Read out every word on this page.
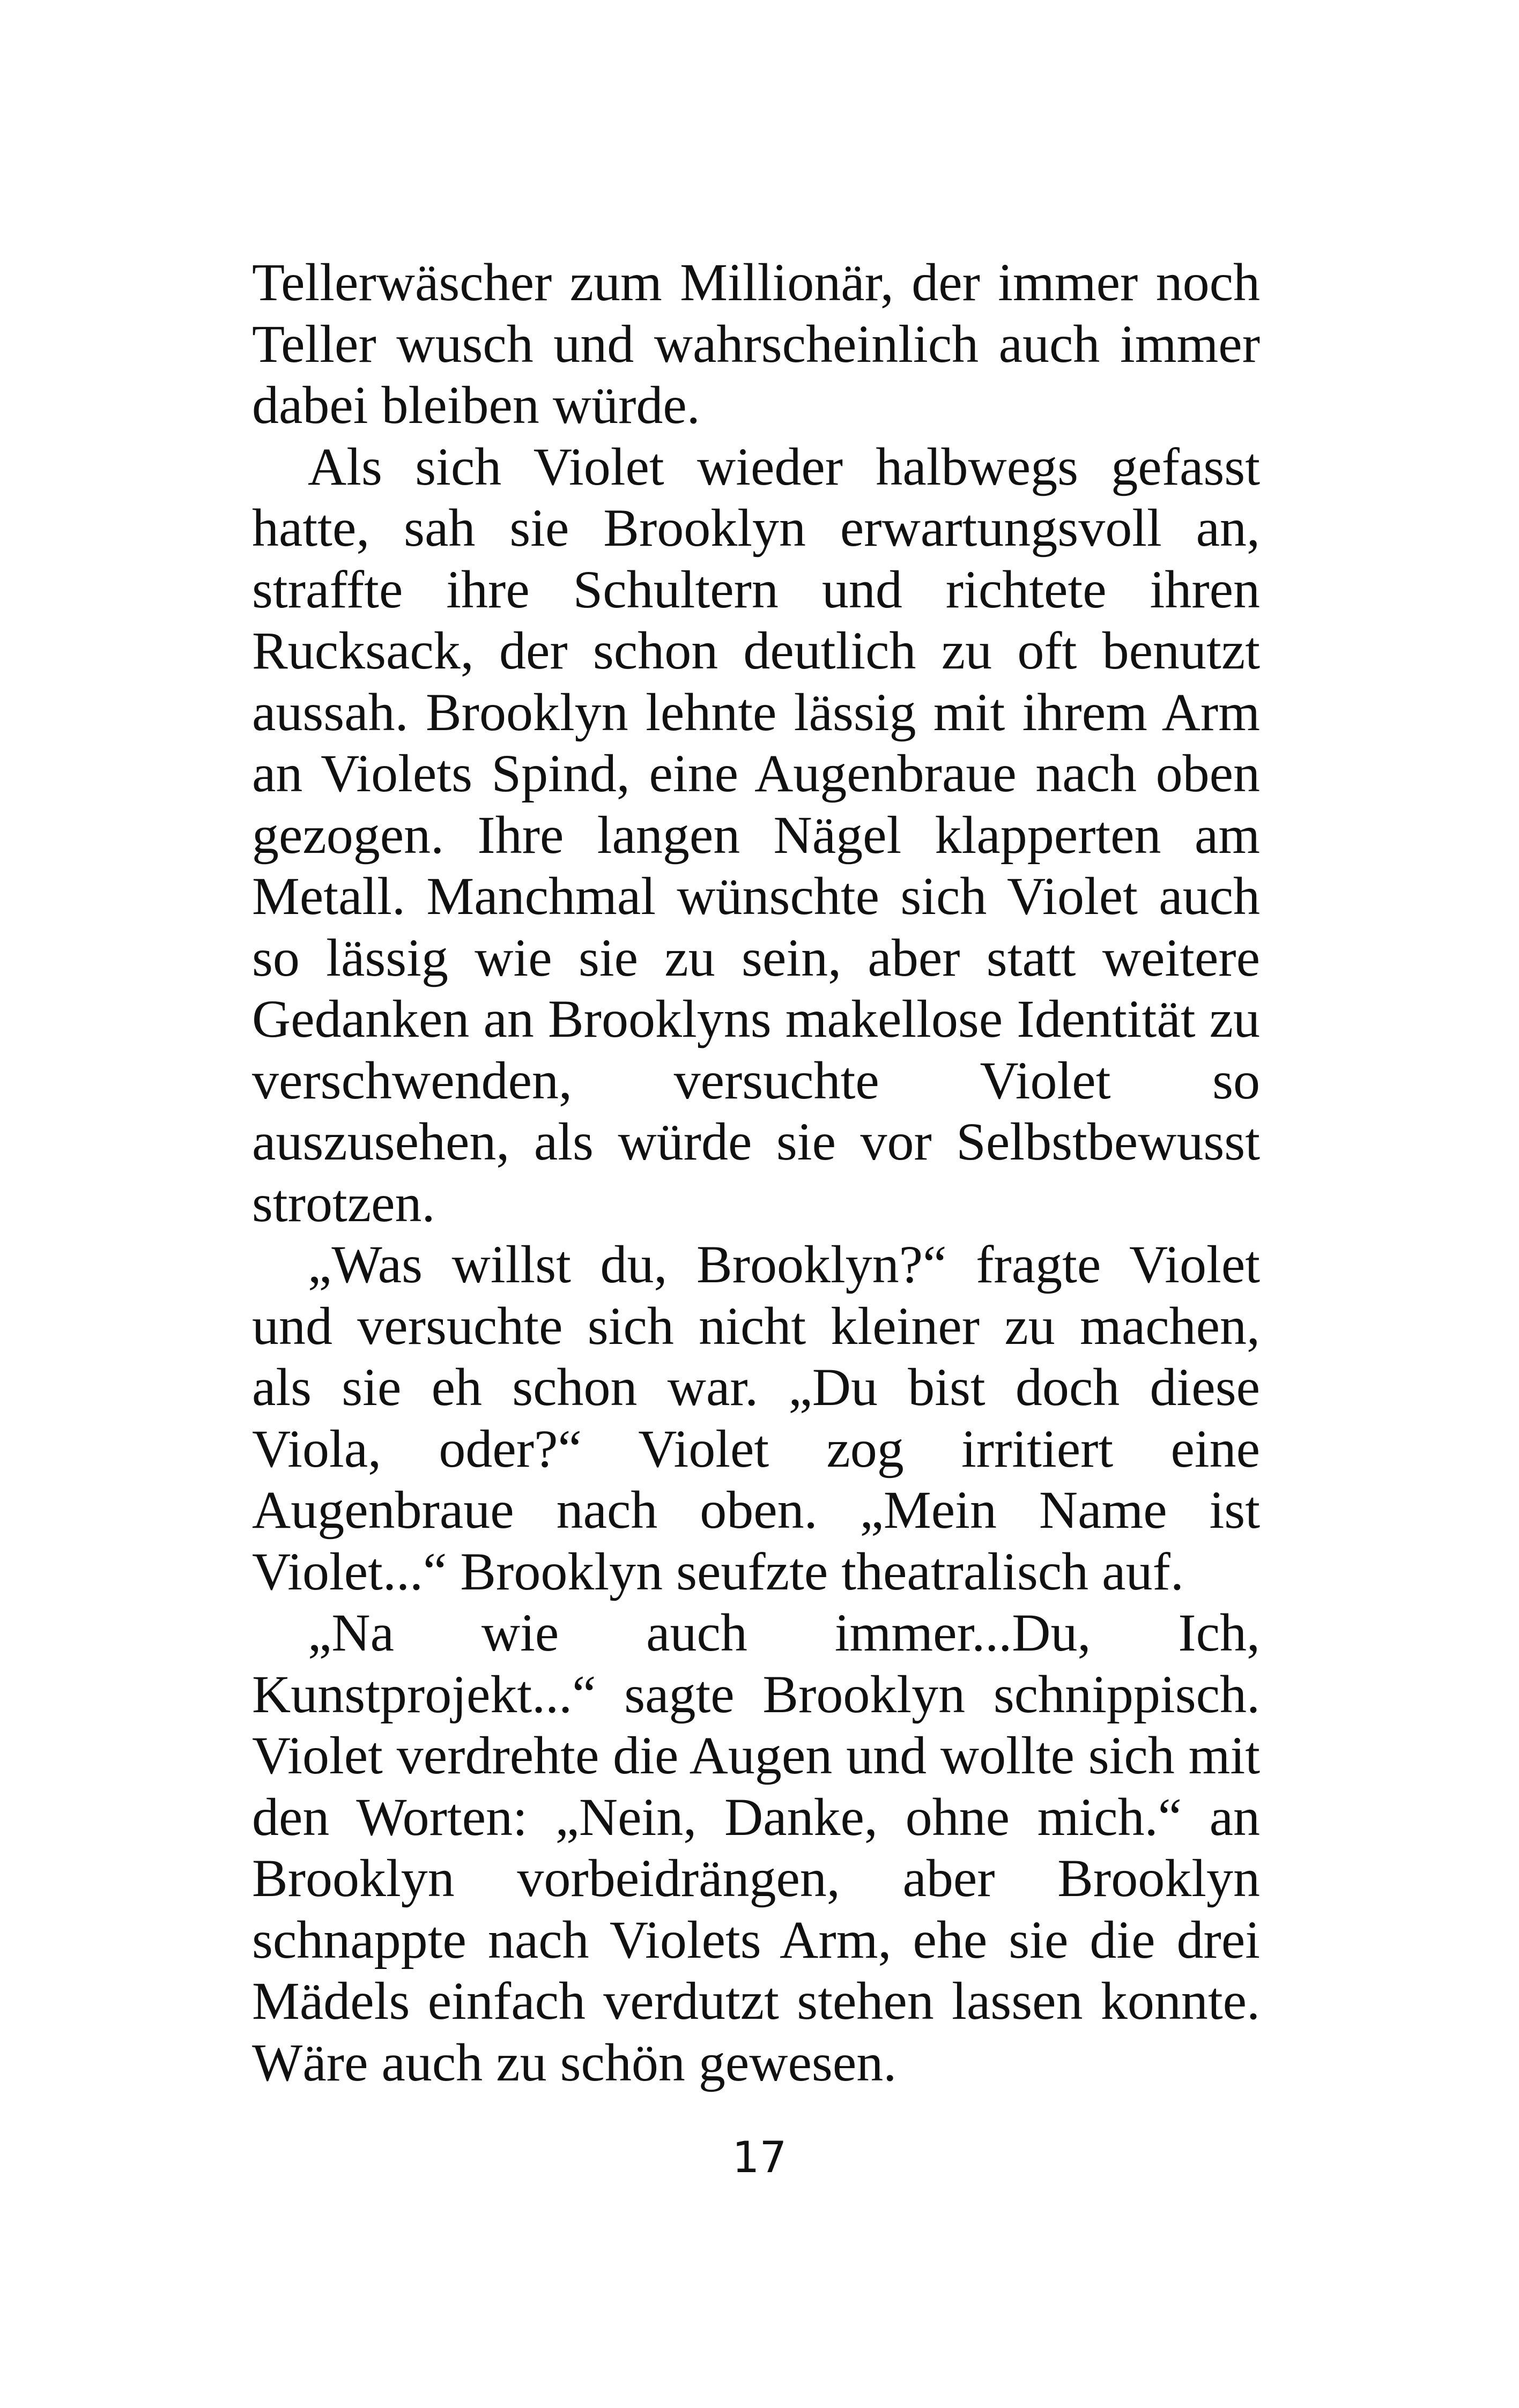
Tellerwäscher zum Millionär, der immer noch Teller wusch und wahrscheinlich auch immer dabei bleiben würde.

Als sich Violet wieder halbwegs gefasst hatte, sah sie Brooklyn erwartungsvoll an, straffte ihre Schultern und richtete ihren Rucksack, der schon deutlich zu oft benutzt aussah. Brooklyn lehnte lässig mit ihrem Arm an Violets Spind, eine Augenbraue nach oben gezogen. Ihre langen Nägel klapperten am Metall. Manchmal wünschte sich Violet auch so lässig wie sie zu sein, aber statt weitere Gedanken an Brooklyns makellose Identität zu verschwenden, versuchte Violet so auszusehen, als würde sie vor Selbstbewusst strotzen.

„Was willst du, Brooklyn?“ fragte Violet und versuchte sich nicht kleiner zu machen, als sie eh schon war. „Du bist doch diese Viola, oder?“ Violet zog irritiert eine Augenbraue nach oben. „Mein Name ist Violet...“ Brooklyn seufzte theatralisch auf.

„Na wie auch immer...Du, Ich, Kunstprojekt...“ sagte Brooklyn schnippisch. Violet verdrehte die Augen und wollte sich mit den Worten: „Nein, Danke, ohne mich.“ an Brooklyn vorbeidrängen, aber Brooklyn schnappte nach Violets Arm, ehe sie die drei Mädels einfach verdutzt stehen lassen konnte. Wäre auch zu schön gewesen.

17
